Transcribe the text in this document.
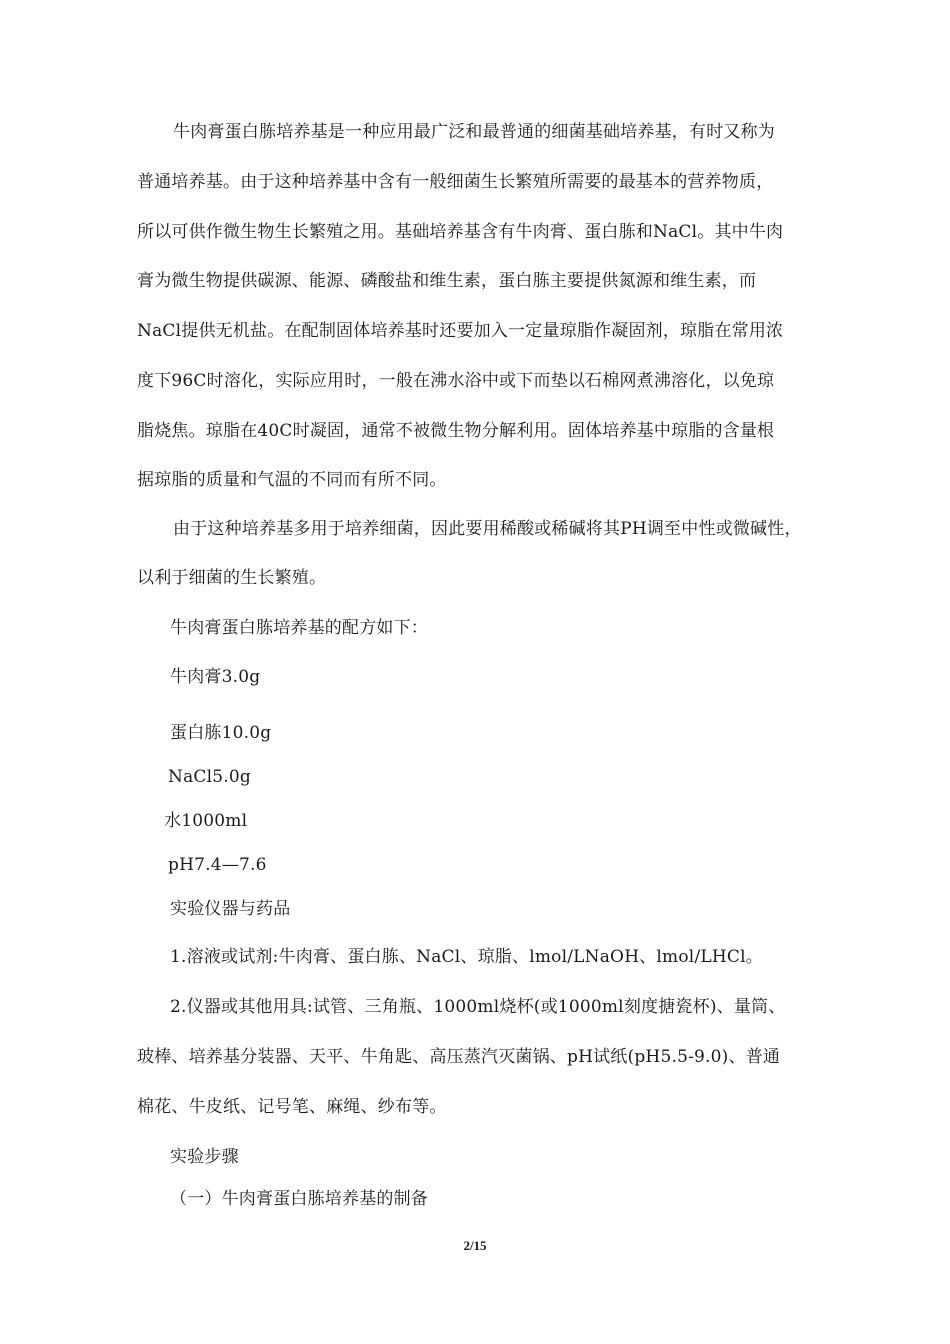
牛肉膏蛋白胨培养基是一种应用最广泛和最普通的细菌基础培养基，有时又称为

普通培养基。由于这种培养基中含有一般细菌生长繁殖所需要的最基本的营养物质，

所以可供作微生物生长繁殖之用。基础培养基含有牛肉膏、蛋白胨和NaCl。其中牛肉

膏为微生物提供碳源、能源、磷酸盐和维生素，蛋白胨主要提供氮源和维生素，而

NaCl提供无机盐。在配制固体培养基时还要加入一定量琼脂作凝固剂，琼脂在常用浓

度下96C时溶化，实际应用时，一般在沸水浴中或下而垫以石棉网煮沸溶化，以免琼

脂烧焦。琼脂在40C时凝固，通常不被微生物分解利用。固体培养基中琼脂的含量根

据琼脂的质量和气温的不同而有所不同。

由于这种培养基多用于培养细菌，因此要用稀酸或稀碱将其PH调至中性或微碱性，

以利于细菌的生长繁殖。

牛肉膏蛋白胨培养基的配方如下：

牛肉膏3.0g

蛋白胨10.0g

NaCl5.0g

水1000ml

pH7.4—7.6

实验仪器与药品

1.溶液或试剂:牛肉膏、蛋白胨、NaCl、琼脂、lmol/LNaOH、lmol/LHCl。

2.仪器或其他用具:试管、三角瓶、1000ml烧杯(或1000ml刻度搪瓷杯)、量筒、

玻棒、培养基分装器、天平、牛角匙、高压蒸汽灭菌锅、pH试纸(pH5.5-9.0)、普通

棉花、牛皮纸、记号笔、麻绳、纱布等。

实验步骤

（一）牛肉膏蛋白胨培养基的制备

2/15
